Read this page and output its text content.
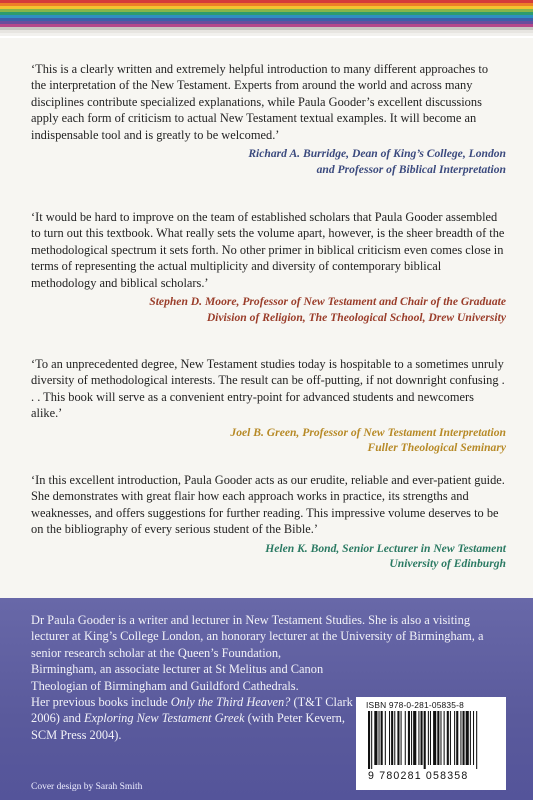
‘This is a clearly written and extremely helpful introduction to many different approaches to the interpretation of the New Testament. Experts from around the world and across many disciplines contribute specialized explanations, while Paula Gooder’s excellent discussions apply each form of criticism to actual New Testament textual examples. It will become an indispensable tool and is greatly to be welcomed.’

Richard A. Burridge, Dean of King’s College, London
and Professor of Biblical Interpretation

‘It would be hard to improve on the team of established scholars that Paula Gooder assembled to turn out this textbook. What really sets the volume apart, however, is the sheer breadth of the methodological spectrum it sets forth. No other primer in biblical criticism even comes close in terms of representing the actual multiplicity and diversity of contemporary biblical methodology and biblical scholars.’

Stephen D. Moore, Professor of New Testament and Chair of the Graduate
Division of Religion, The Theological School, Drew University

‘To an unprecedented degree, New Testament studies today is hospitable to a sometimes unruly diversity of methodological interests. The result can be off-putting, if not downright confusing . . . This book will serve as a convenient entry-point for advanced students and newcomers alike.’

Joel B. Green, Professor of New Testament Interpretation
Fuller Theological Seminary

‘In this excellent introduction, Paula Gooder acts as our erudite, reliable and ever-patient guide. She demonstrates with great flair how each approach works in practice, its strengths and weaknesses, and offers suggestions for further reading. This impressive volume deserves to be on the bibliography of every serious student of the Bible.’

Helen K. Bond, Senior Lecturer in New Testament
University of Edinburgh

Dr Paula Gooder is a writer and lecturer in New Testament Studies. She is also a visiting lecturer at King’s College London, an honorary lecturer at the University of Birmingham, a senior research scholar at the Queen’s Foundation,
Birmingham, an associate lecturer at St Melitus and Canon Theologian of Birmingham and Guildford Cathedrals.
Her previous books include Only the Third Heaven? (T&T Clark 2006) and Exploring New Testament Greek (with Peter Kevern, SCM Press 2004).

Cover design by Sarah Smith
ISBN 978-0-281-05835-8
9 780281 058358
